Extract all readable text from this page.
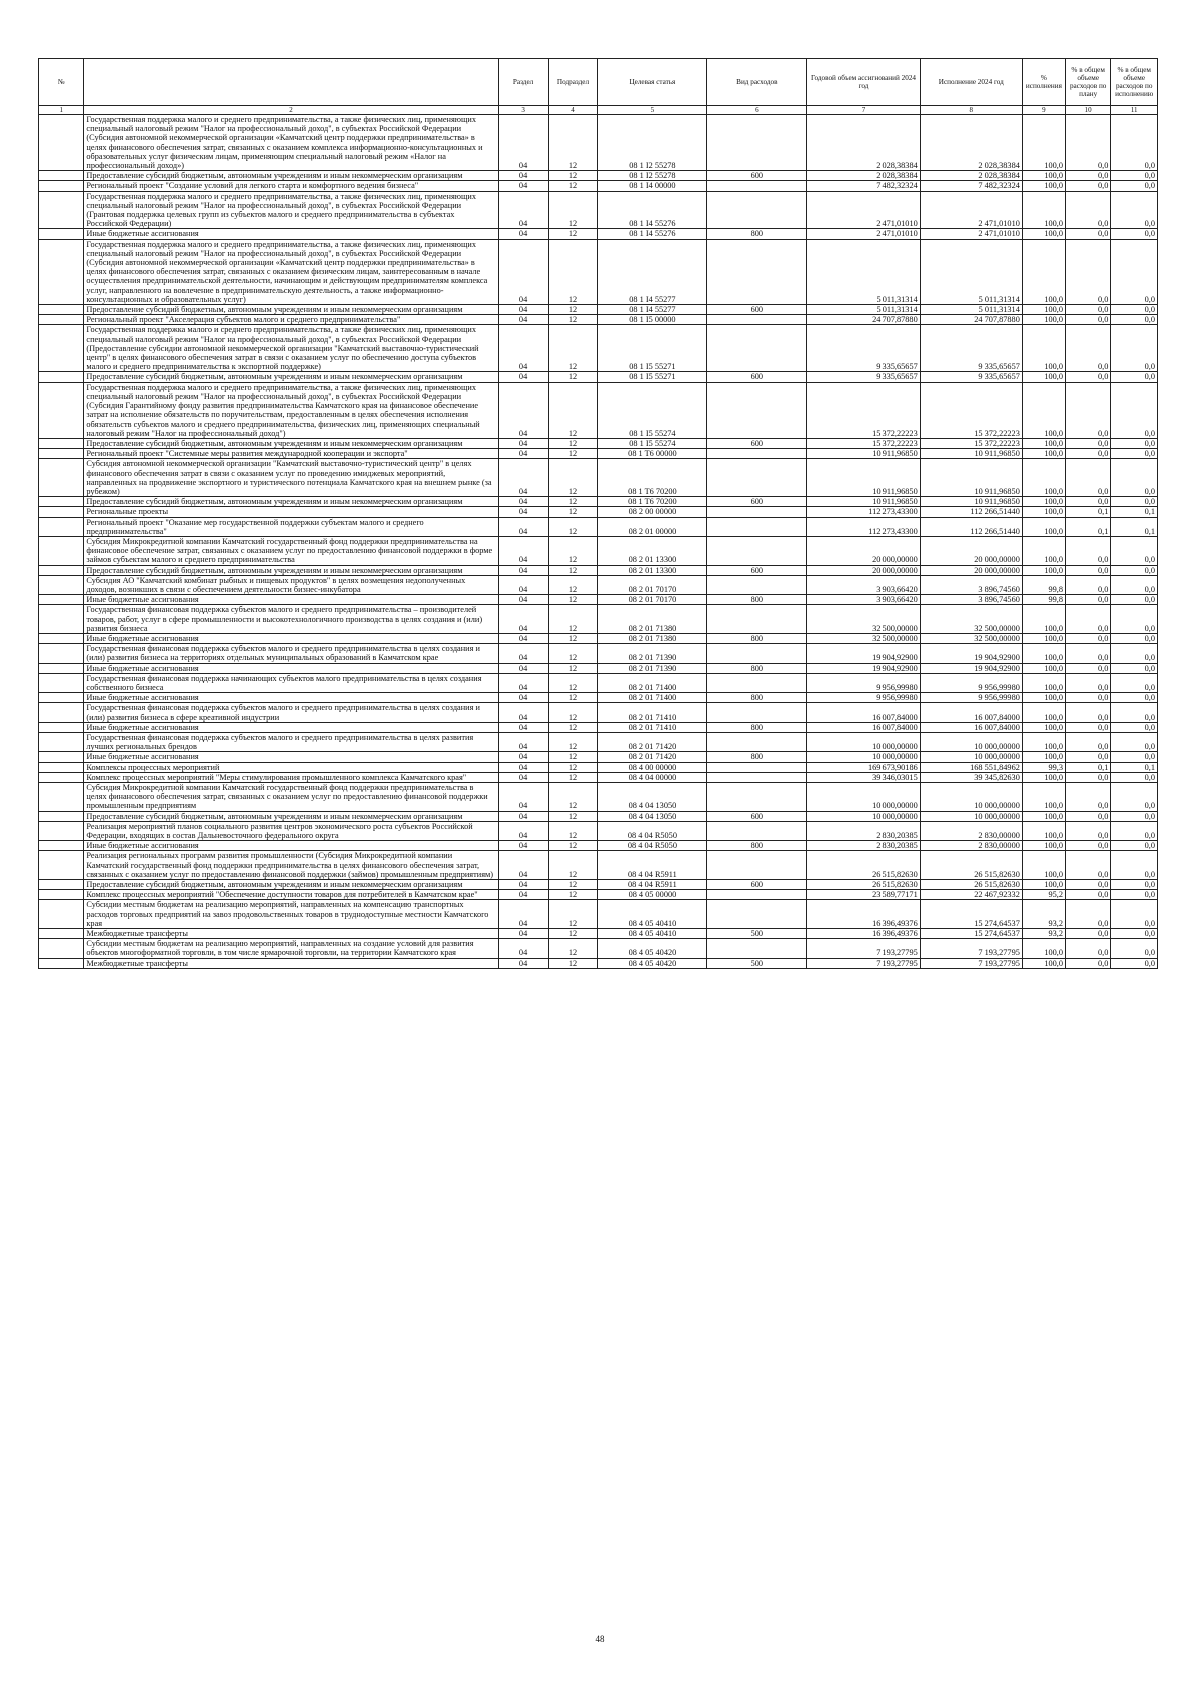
№		Раздел	Подраздел	Целевая статья	Вид расходов	Годовой объем ассигнований 2024 год	Исполнение 2024 год	% исполнения	% в общем объеме расходов по плану	% в общем объеме расходов по исполнению
1	2	3	4	5	6	7	8	9	10	11
	Государственная поддержка малого и среднего предпринимательства, а также физических лиц, применяющих специальный налоговый режим "Налог на профессиональный доход", в субъектах Российской Федерации (Субсидия автономной некоммерческой организации «Камчатский центр поддержки предпринимательства» в целях финансового обеспечения затрат, связанных с оказанием комплекса информационно-консультационных и образовательных услуг физическим лицам, применяющим специальный налоговый режим «Налог на профессиональный доход»)	04	12	08 1 I2 55278		2 028,38384	2 028,38384	100,0	0,0	0,0
	Предоставление субсидий бюджетным, автономным учреждениям и иным некоммерческим организациям	04	12	08 1 I2 55278	600	2 028,38384	2 028,38384	100,0	0,0	0,0
	Региональный проект "Создание условий для легкого старта и комфортного ведения бизнеса"	04	12	08 1 I4 00000		7 482,32324	7 482,32324	100,0	0,0	0,0
	Государственная поддержка малого и среднего предпринимательства, а также физических лиц, применяющих специальный налоговый режим "Налог на профессиональный доход", в субъектах Российской Федерации (Грантовая поддержка целевых групп из субъектов малого и среднего предпринимательства в субъектах Российской Федерации)	04	12	08 1 I4 55276		2 471,01010	2 471,01010	100,0	0,0	0,0
	Иные бюджетные ассигнования	04	12	08 1 I4 55276	800	2 471,01010	2 471,01010	100,0	0,0	0,0
	Государственная поддержка малого и среднего предпринимательства, а также физических лиц, применяющих специальный налоговый режим "Налог на профессиональный доход", в субъектах Российской Федерации (Субсидия автономной некоммерческой организации «Камчатский центр поддержки предпринимательства» в целях финансового обеспечения затрат, связанных с оказанием физическим лицам, заинтересованным в начале осуществления предпринимательской деятельности, начинающим и действующим предпринимателям комплекса услуг, направленного на вовлечение в предпринимательскую деятельность, а также информационно-консультационных и образовательных услуг)	04	12	08 1 I4 55277		5 011,31314	5 011,31314	100,0	0,0	0,0
	Предоставление субсидий бюджетным, автономным учреждениям и иным некоммерческим организациям	04	12	08 1 I4 55277	600	5 011,31314	5 011,31314	100,0	0,0	0,0
	Региональный проект "Акселерация субъектов малого и среднего предпринимательства"	04	12	08 1 I5 00000		24 707,87880	24 707,87880	100,0	0,0	0,0
	Государственная поддержка малого и среднего предпринимательства, а также физических лиц, применяющих специальный налоговый режим "Налог на профессиональный доход", в субъектах Российской Федерации (Предоставление субсидии автономной некоммерческой организации "Камчатский выставочно-туристический центр" в целях финансового обеспечения затрат в связи с оказанием услуг по обеспечению доступа субъектов малого и среднего предпринимательства к экспортной поддержке)	04	12	08 1 I5 55271		9 335,65657	9 335,65657	100,0	0,0	0,0
	Предоставление субсидий бюджетным, автономным учреждениям и иным некоммерческим организациям	04	12	08 1 I5 55271	600	9 335,65657	9 335,65657	100,0	0,0	0,0
	Государственная поддержка малого и среднего предпринимательства, а также физических лиц, применяющих специальный налоговый режим "Налог на профессиональный доход", в субъектах Российской Федерации (Субсидия Гарантийному фонду развития предпринимательства Камчатского края на финансовое обеспечение затрат на исполнение обязательств по поручительствам, предоставленным в целях обеспечения исполнения обязательств субъектов малого и среднего предпринимательства, физических лиц, применяющих специальный налоговый режим "Налог на профессиональный доход")	04	12	08 1 I5 55274		15 372,22223	15 372,22223	100,0	0,0	0,0
	Предоставление субсидий бюджетным, автономным учреждениям и иным некоммерческим организациям	04	12	08 1 I5 55274	600	15 372,22223	15 372,22223	100,0	0,0	0,0
	Региональный проект "Системные меры развития международной кооперации и экспорта"	04	12	08 1 T6 00000		10 911,96850	10 911,96850	100,0	0,0	0,0
	Субсидия автономной некоммерческой организации "Камчатский выставочно-туристический центр" в целях финансового обеспечения затрат в связи с оказанием услуг по проведению имиджевых мероприятий, направленных на продвижение экспортного и туристического потенциала Камчатского края на внешнем рынке (за рубежом)	04	12	08 1 T6 70200		10 911,96850	10 911,96850	100,0	0,0	0,0
	Предоставление субсидий бюджетным, автономным учреждениям и иным некоммерческим организациям	04	12	08 1 T6 70200	600	10 911,96850	10 911,96850	100,0	0,0	0,0
	Региональные проекты	04	12	08 2 00 00000		112 273,43300	112 266,51440	100,0	0,1	0,1
	Региональный проект "Оказание мер государственной поддержки субъектам малого и среднего предпринимательства"	04	12	08 2 01 00000		112 273,43300	112 266,51440	100,0	0,1	0,1
	Субсидия Микрокредитной компании Камчатский государственный фонд поддержки предпринимательства на финансовое обеспечение затрат, связанных с оказанием услуг по предоставлению финансовой поддержки в форме займов субъектам малого и среднего предпринимательства	04	12	08 2 01 13300		20 000,00000	20 000,00000	100,0	0,0	0,0
	Предоставление субсидий бюджетным, автономным учреждениям и иным некоммерческим организациям	04	12	08 2 01 13300	600	20 000,00000	20 000,00000	100,0	0,0	0,0
	Субсидия АО "Камчатский комбинат рыбных и пищевых продуктов" в целях возмещения недополученных доходов, возникших в связи с обеспечением деятельности бизнес-инкубатора	04	12	08 2 01 70170		3 903,66420	3 896,74560	99,8	0,0	0,0
	Иные бюджетные ассигнования	04	12	08 2 01 70170	800	3 903,66420	3 896,74560	99,8	0,0	0,0
	Государственная финансовая поддержка субъектов малого и среднего предпринимательства – производителей товаров, работ, услуг в сфере промышленности и высокотехнологичного производства в целях создания и (или) развития бизнеса	04	12	08 2 01 71380		32 500,00000	32 500,00000	100,0	0,0	0,0
	Иные бюджетные ассигнования	04	12	08 2 01 71380	800	32 500,00000	32 500,00000	100,0	0,0	0,0
	Государственная финансовая поддержка субъектов малого и среднего предпринимательства в целях создания и (или) развития бизнеса на территориях отдельных муниципальных образований в Камчатском крае	04	12	08 2 01 71390		19 904,92900	19 904,92900	100,0	0,0	0,0
	Иные бюджетные ассигнования	04	12	08 2 01 71390	800	19 904,92900	19 904,92900	100,0	0,0	0,0
	Государственная финансовая поддержка начинающих субъектов малого предпринимательства в целях создания собственного бизнеса	04	12	08 2 01 71400		9 956,99980	9 956,99980	100,0	0,0	0,0
	Иные бюджетные ассигнования	04	12	08 2 01 71400	800	9 956,99980	9 956,99980	100,0	0,0	0,0
	Государственная финансовая поддержка субъектов малого и среднего предпринимательства в целях создания и (или) развития бизнеса в сфере креативной индустрии	04	12	08 2 01 71410		16 007,84000	16 007,84000	100,0	0,0	0,0
	Иные бюджетные ассигнования	04	12	08 2 01 71410	800	16 007,84000	16 007,84000	100,0	0,0	0,0
	Государственная финансовая поддержка субъектов малого и среднего предпринимательства в целях развития лучших региональных брендов	04	12	08 2 01 71420		10 000,00000	10 000,00000	100,0	0,0	0,0
	Иные бюджетные ассигнования	04	12	08 2 01 71420	800	10 000,00000	10 000,00000	100,0	0,0	0,0
	Комплексы процессных мероприятий	04	12	08 4 00 00000		169 673,90186	168 551,84962	99,3	0,1	0,1
	Комплекс процессных мероприятий "Меры стимулирования промышленного комплекса Камчатского края"	04	12	08 4 04 00000		39 346,03015	39 345,82630	100,0	0,0	0,0
	Субсидия Микрокредитной компании Камчатский государственный фонд поддержки предпринимательства в целях финансового обеспечения затрат, связанных с оказанием услуг по предоставлению финансовой поддержки промышленным предприятиям	04	12	08 4 04 13050		10 000,00000	10 000,00000	100,0	0,0	0,0
	Предоставление субсидий бюджетным, автономным учреждениям и иным некоммерческим организациям	04	12	08 4 04 13050	600	10 000,00000	10 000,00000	100,0	0,0	0,0
	Реализация мероприятий планов социального развития центров экономического роста субъектов Российской Федерации, входящих в состав Дальневосточного федерального округа	04	12	08 4 04 R5050		2 830,20385	2 830,00000	100,0	0,0	0,0
	Иные бюджетные ассигнования	04	12	08 4 04 R5050	800	2 830,20385	2 830,00000	100,0	0,0	0,0
	Реализация региональных программ развития промышленности (Субсидия Микрокредитной компании Камчатский государственный фонд поддержки предпринимательства в целях финансового обеспечения затрат, связанных с оказанием услуг по предоставлению финансовой поддержки (займов) промышленным предприятиям)	04	12	08 4 04 R5911		26 515,82630	26 515,82630	100,0	0,0	0,0
	Предоставление субсидий бюджетным, автономным учреждениям и иным некоммерческим организациям	04	12	08 4 04 R5911	600	26 515,82630	26 515,82630	100,0	0,0	0,0
	Комплекс процессных мероприятий "Обеспечение доступности товаров для потребителей в Камчатском крае"	04	12	08 4 05 00000		23 589,77171	22 467,92332	95,2	0,0	0,0
	Субсидии местным бюджетам на реализацию мероприятий, направленных на компенсацию транспортных расходов торговых предприятий на завоз продовольственных товаров в труднодоступные местности Камчатского края	04	12	08 4 05 40410		16 396,49376	15 274,64537	93,2	0,0	0,0
	Межбюджетные трансферты	04	12	08 4 05 40410	500	16 396,49376	15 274,64537	93,2	0,0	0,0
	Субсидии местным бюджетам на реализацию мероприятий, направленных на создание условий для развития объектов многоформатной торговли, в том числе ярмарочной торговли, на территории Камчатского края	04	12	08 4 05 40420		7 193,27795	7 193,27795	100,0	0,0	0,0
	Межбюджетные трансферты	04	12	08 4 05 40420	500	7 193,27795	7 193,27795	100,0	0,0	0,0
48
